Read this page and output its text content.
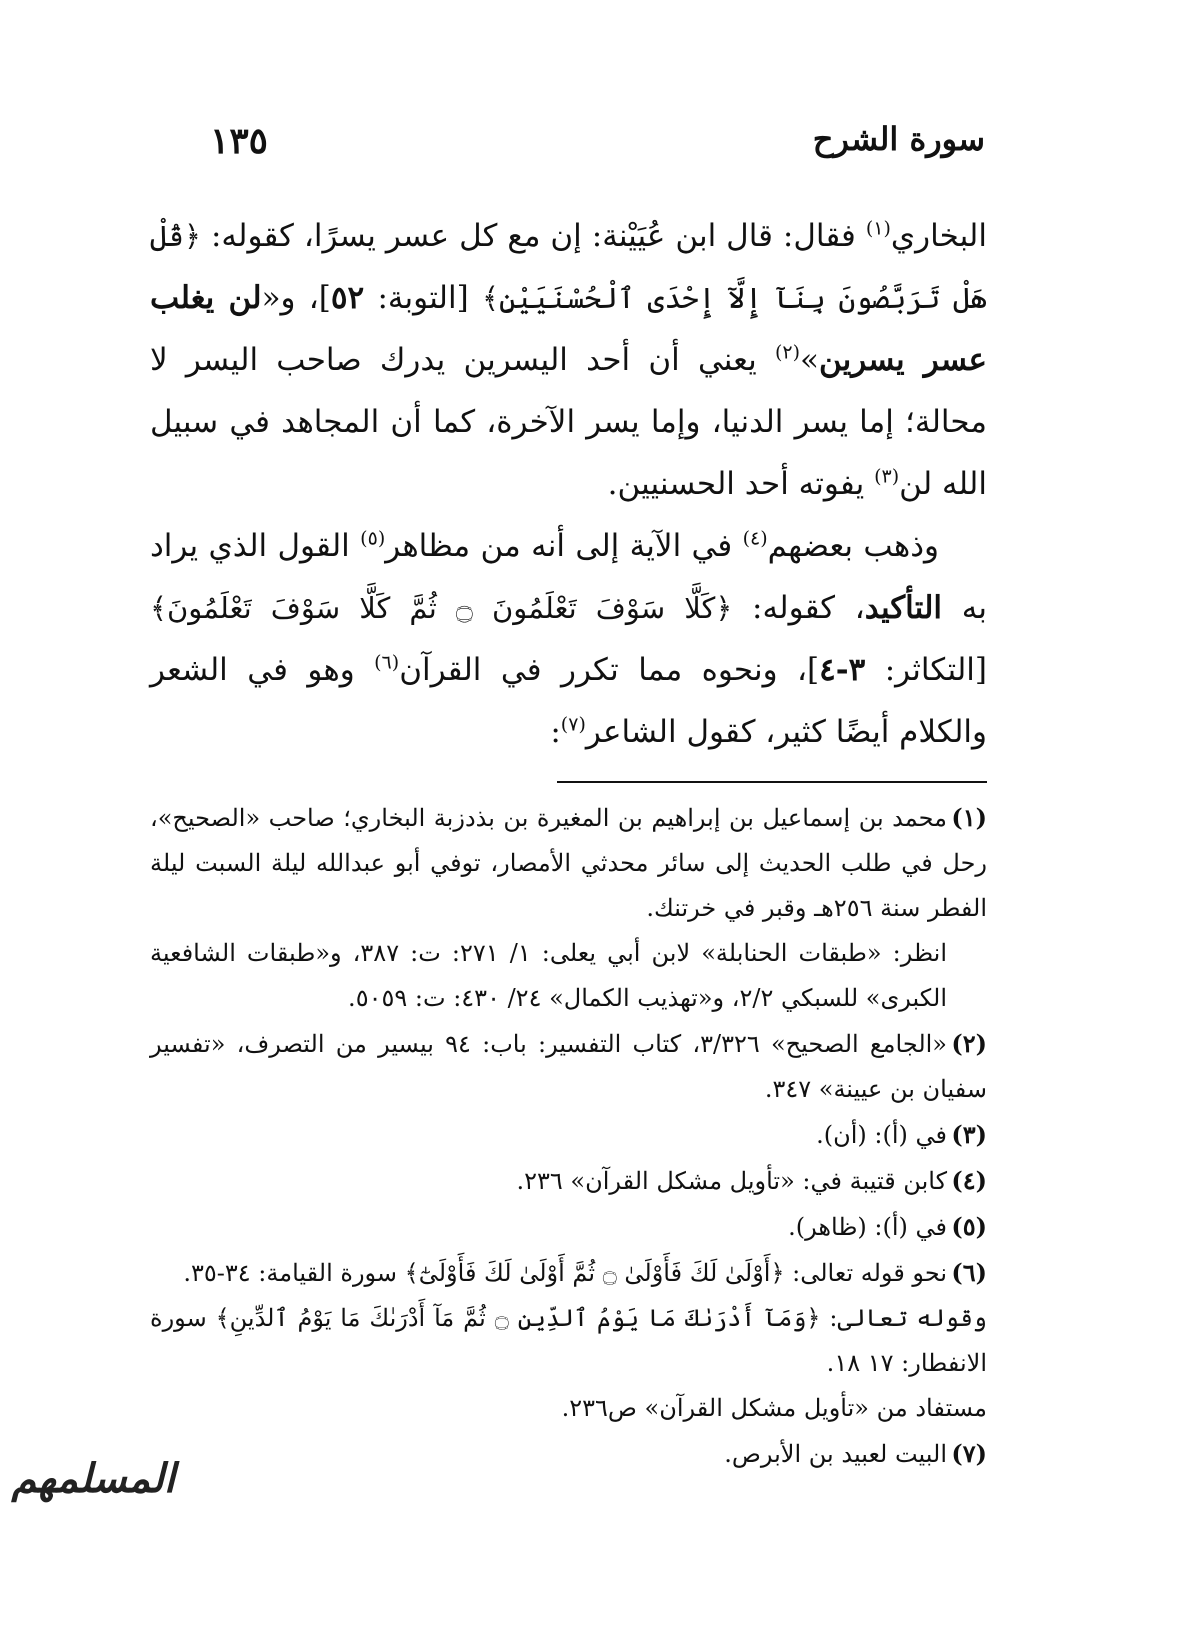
سورة الشرح
١٣٥

البخاري$^{(١)}$ فقال: قال ابن عُيَيْنة: إن مع كل عسر يسرًا، كقوله: ﴿قُلْ هَلْ تَرَبَّصُونَ بِنَآ إِلَّآ إِحْدَى ٱلْحُسْنَيَيْنِ﴾ [التوبة: ٥٢]، و«لن يغلب عسر يسرين»$^{(٢)}$ يعني أن أحد اليسرين يدرك صاحب اليسر لا محالة؛ إما يسر الدنيا، وإما يسر الآخرة، كما أن المجاهد في سبيل الله لن$^{(٣)}$ يفوته أحد الحسنيين.

وذهب بعضهم$^{(٤)}$ في الآية إلى أنه من مظاهر$^{(٥)}$ القول الذي يراد به التأكيد، كقوله: ﴿كَلَّا سَوْفَ تَعْلَمُونَ ۝ ثُمَّ كَلَّا سَوْفَ تَعْلَمُونَ﴾ [التكاثر: ٣-٤]، ونحوه مما تكرر في القرآن$^{(٦)}$ وهو في الشعر والكلام أيضًا كثير، كقول الشاعر$^{(٧)}$:

(١)محمد بن إسماعيل بن إبراهيم بن المغيرة بن بذدزبة البخاري؛ صاحب «الصحيح»، رحل في طلب الحديث إلى سائر محدثي الأمصار، توفي أبو عبدالله ليلة السبت ليلة الفطر سنة ٢٥٦هـ وقبر في خرتنك.
انظر: «طبقات الحنابلة» لابن أبي يعلى: ١/ ٢٧١: ت: ٣٨٧، و«طبقات الشافعية الكبرى» للسبكي ٢/٢، و«تهذيب الكمال» ٢٤/ ٤٣٠: ت: ٥٠٥٩.
(٢)«الجامع الصحيح» ٣/٣٢٦، كتاب التفسير: باب: ٩٤ بيسير من التصرف، «تفسير سفيان بن عيينة» ٣٤٧.
(٣)في (أ): (أن).
(٤)كابن قتيبة في: «تأويل مشكل القرآن» ٢٣٦.
(٥)في (أ): (ظاهر).
(٦)نحو قوله تعالى: ﴿أَوْلَىٰ لَكَ فَأَوْلَىٰ ۝ ثُمَّ أَوْلَىٰ لَكَ فَأَوْلَىٰٓ﴾ سورة القيامة: ٣٤-٣٥.
وقوله تعالى: ﴿وَمَآ أَدْرَىٰكَ مَا يَوْمُ ٱلدِّينِ ۝ ثُمَّ مَآ أَدْرَىٰكَ مَا يَوْمُ ٱلدِّينِ﴾ سورة الانفطار: ١٧ ١٨.
مستفاد من «تأويل مشكل القرآن» ص٢٣٦.
(٧)البيت لعبيد بن الأبرص.
المسلمهم
